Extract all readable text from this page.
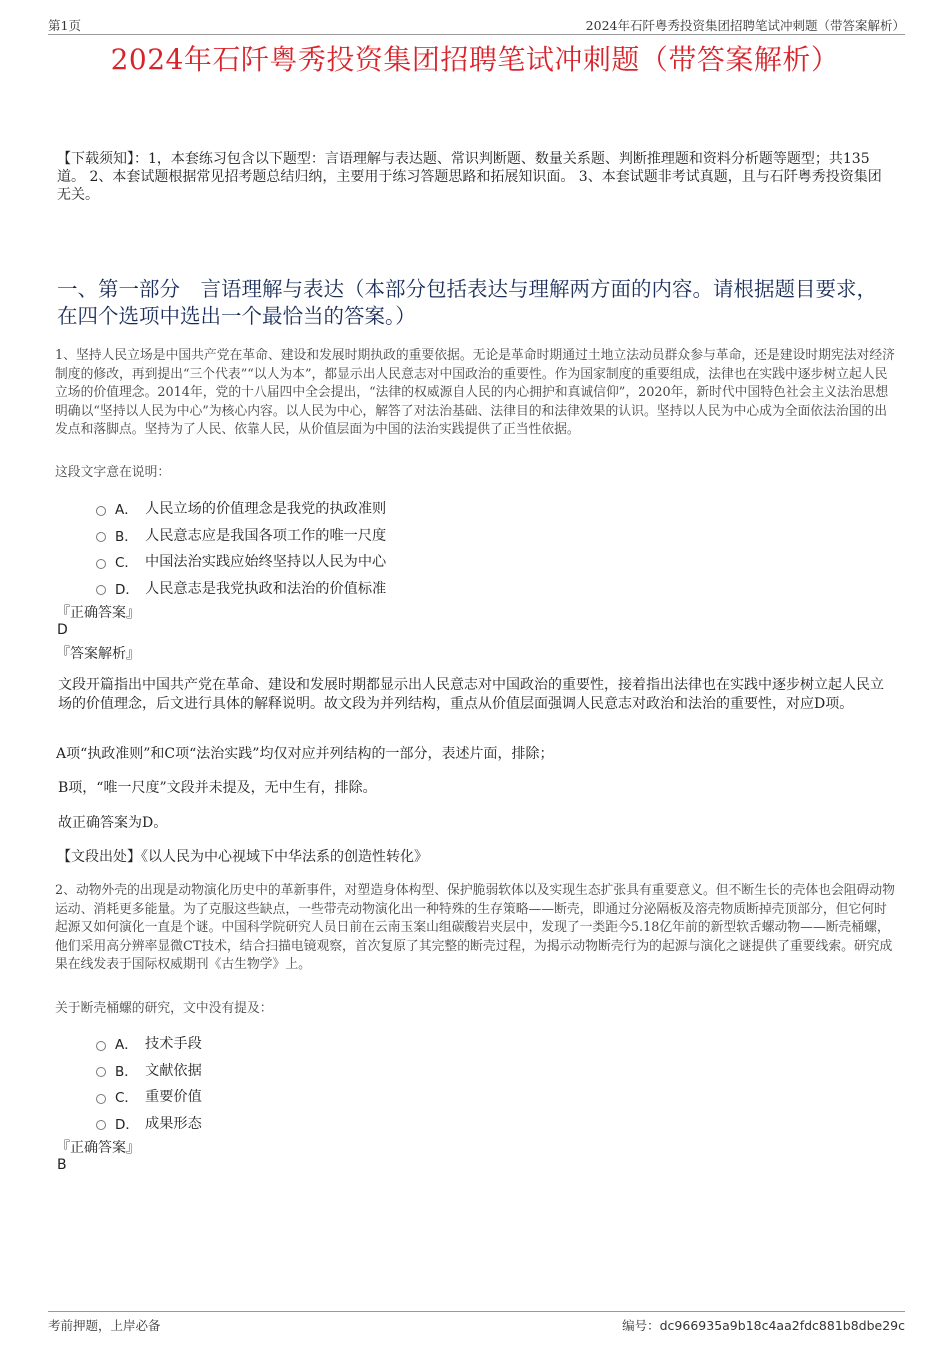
第1页	2024年石阡粤秀投资集团招聘笔试冲刺题（带答案解析）
2024年石阡粤秀投资集团招聘笔试冲刺题（带答案解析）
【下载须知】：1，本套练习包含以下题型：言语理解与表达题、常识判断题、数量关系题、判断推理题和资料分析题等题型；共135道。 2、本套试题根据常见招考题总结归纳，主要用于练习答题思路和拓展知识面。 3、本套试题非考试真题，且与石阡粤秀投资集团无关。
一、第一部分　言语理解与表达（本部分包括表达与理解两方面的内容。请根据题目要求，在四个选项中选出一个最恰当的答案。）
1、坚持人民立场是中国共产党在革命、建设和发展时期执政的重要依据。无论是革命时期通过土地立法动员群众参与革命，还是建设时期宪法对经济制度的修改，再到提出“三个代表”“以人为本”，都显示出人民意志对中国政治的重要性。作为国家制度的重要组成，法律也在实践中逐步树立起人民立场的价值理念。2014年，党的十八届四中全会提出，“法律的权威源自人民的内心拥护和真诚信仰”，2020年，新时代中国特色社会主义法治思想明确以“坚持以人民为中心”为核心内容。以人民为中心，解答了对法治基础、法律目的和法律效果的认识。坚持以人民为中心成为全面依法治国的出发点和落脚点。坚持为了人民、依靠人民，从价值层面为中国的法治实践提供了正当性依据。
这段文字意在说明：
A． 人民立场的价值理念是我党的执政准则
B． 人民意志应是我国各项工作的唯一尺度
C． 中国法治实践应始终坚持以人民为中心
D． 人民意志是我党执政和法治的价值标准
『正确答案』
D
『答案解析』
文段开篇指出中国共产党在革命、建设和发展时期都显示出人民意志对中国政治的重要性，接着指出法律也在实践中逐步树立起人民立场的价值理念，后文进行具体的解释说明。故文段为并列结构，重点从价值层面强调人民意志对政治和法治的重要性，对应D项。
A项“执政准则”和C项“法治实践”均仅对应并列结构的一部分，表述片面，排除；
B项，“唯一尺度”文段并未提及，无中生有，排除。
故正确答案为D。
【文段出处】《以人民为中心视域下中华法系的创造性转化》
2、动物外壳的出现是动物演化历史中的革新事件，对塑造身体构型、保护脆弱软体以及实现生态扩张具有重要意义。但不断生长的壳体也会阻碍动物运动、消耗更多能量。为了克服这些缺点，一些带壳动物演化出一种特殊的生存策略——断壳，即通过分泌隔板及溶壳物质断掉壳顶部分，但它何时起源又如何演化一直是个谜。中国科学院研究人员日前在云南玉案山组碳酸岩夹层中，发现了一类距今5.18亿年前的新型软舌螺动物——断壳桶螺，他们采用高分辨率显微CT技术，结合扫描电镜观察，首次复原了其完整的断壳过程，为揭示动物断壳行为的起源与演化之谜提供了重要线索。研究成果在线发表于国际权威期刊《古生物学》上。
关于断壳桶螺的研究，文中没有提及：
A． 技术手段
B． 文献依据
C． 重要价值
D． 成果形态
『正确答案』
B
考前押题，上岸必备	编号：dc966935a9b18c4aa2fdc881b8dbe29c
